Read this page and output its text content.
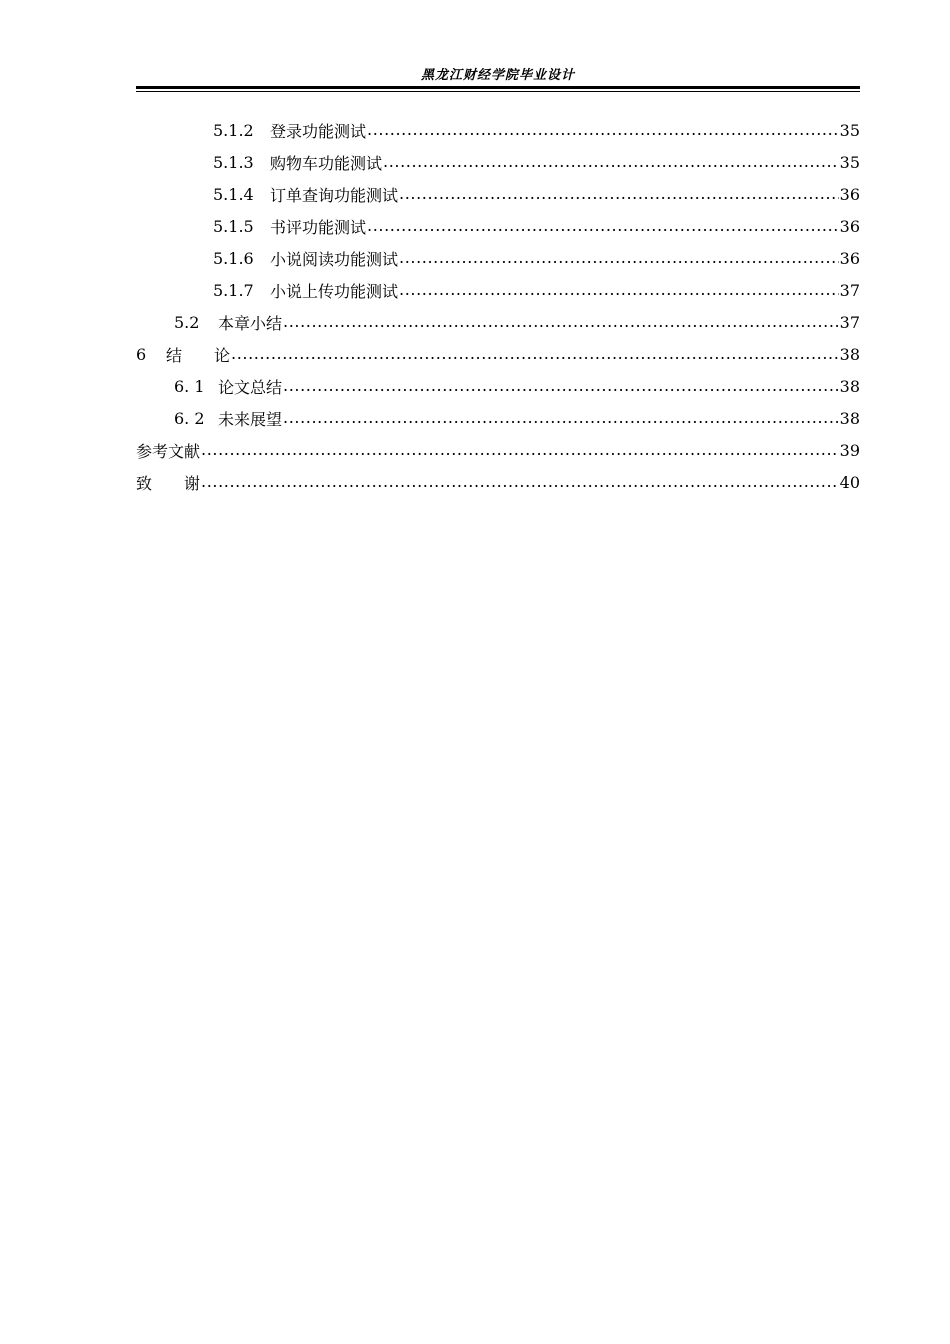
黑龙江财经学院毕业设计
5.1.2	登录功能测试 .....	35
5.1.3	购物车功能测试 .....	35
5.1.4	订单查询功能测试 .....	36
5.1.5	书评功能测试 .....	36
5.1.6	小说阅读功能测试 .....	36
5.1.7	小说上传功能测试 .....	37
5.2	本章小结 .....	37
6	结　　论 .....	38
6. 1 论文总结 .....	38
6. 2 未来展望 .....	38
参考文献 .....	39
致　　谢 .....	40
